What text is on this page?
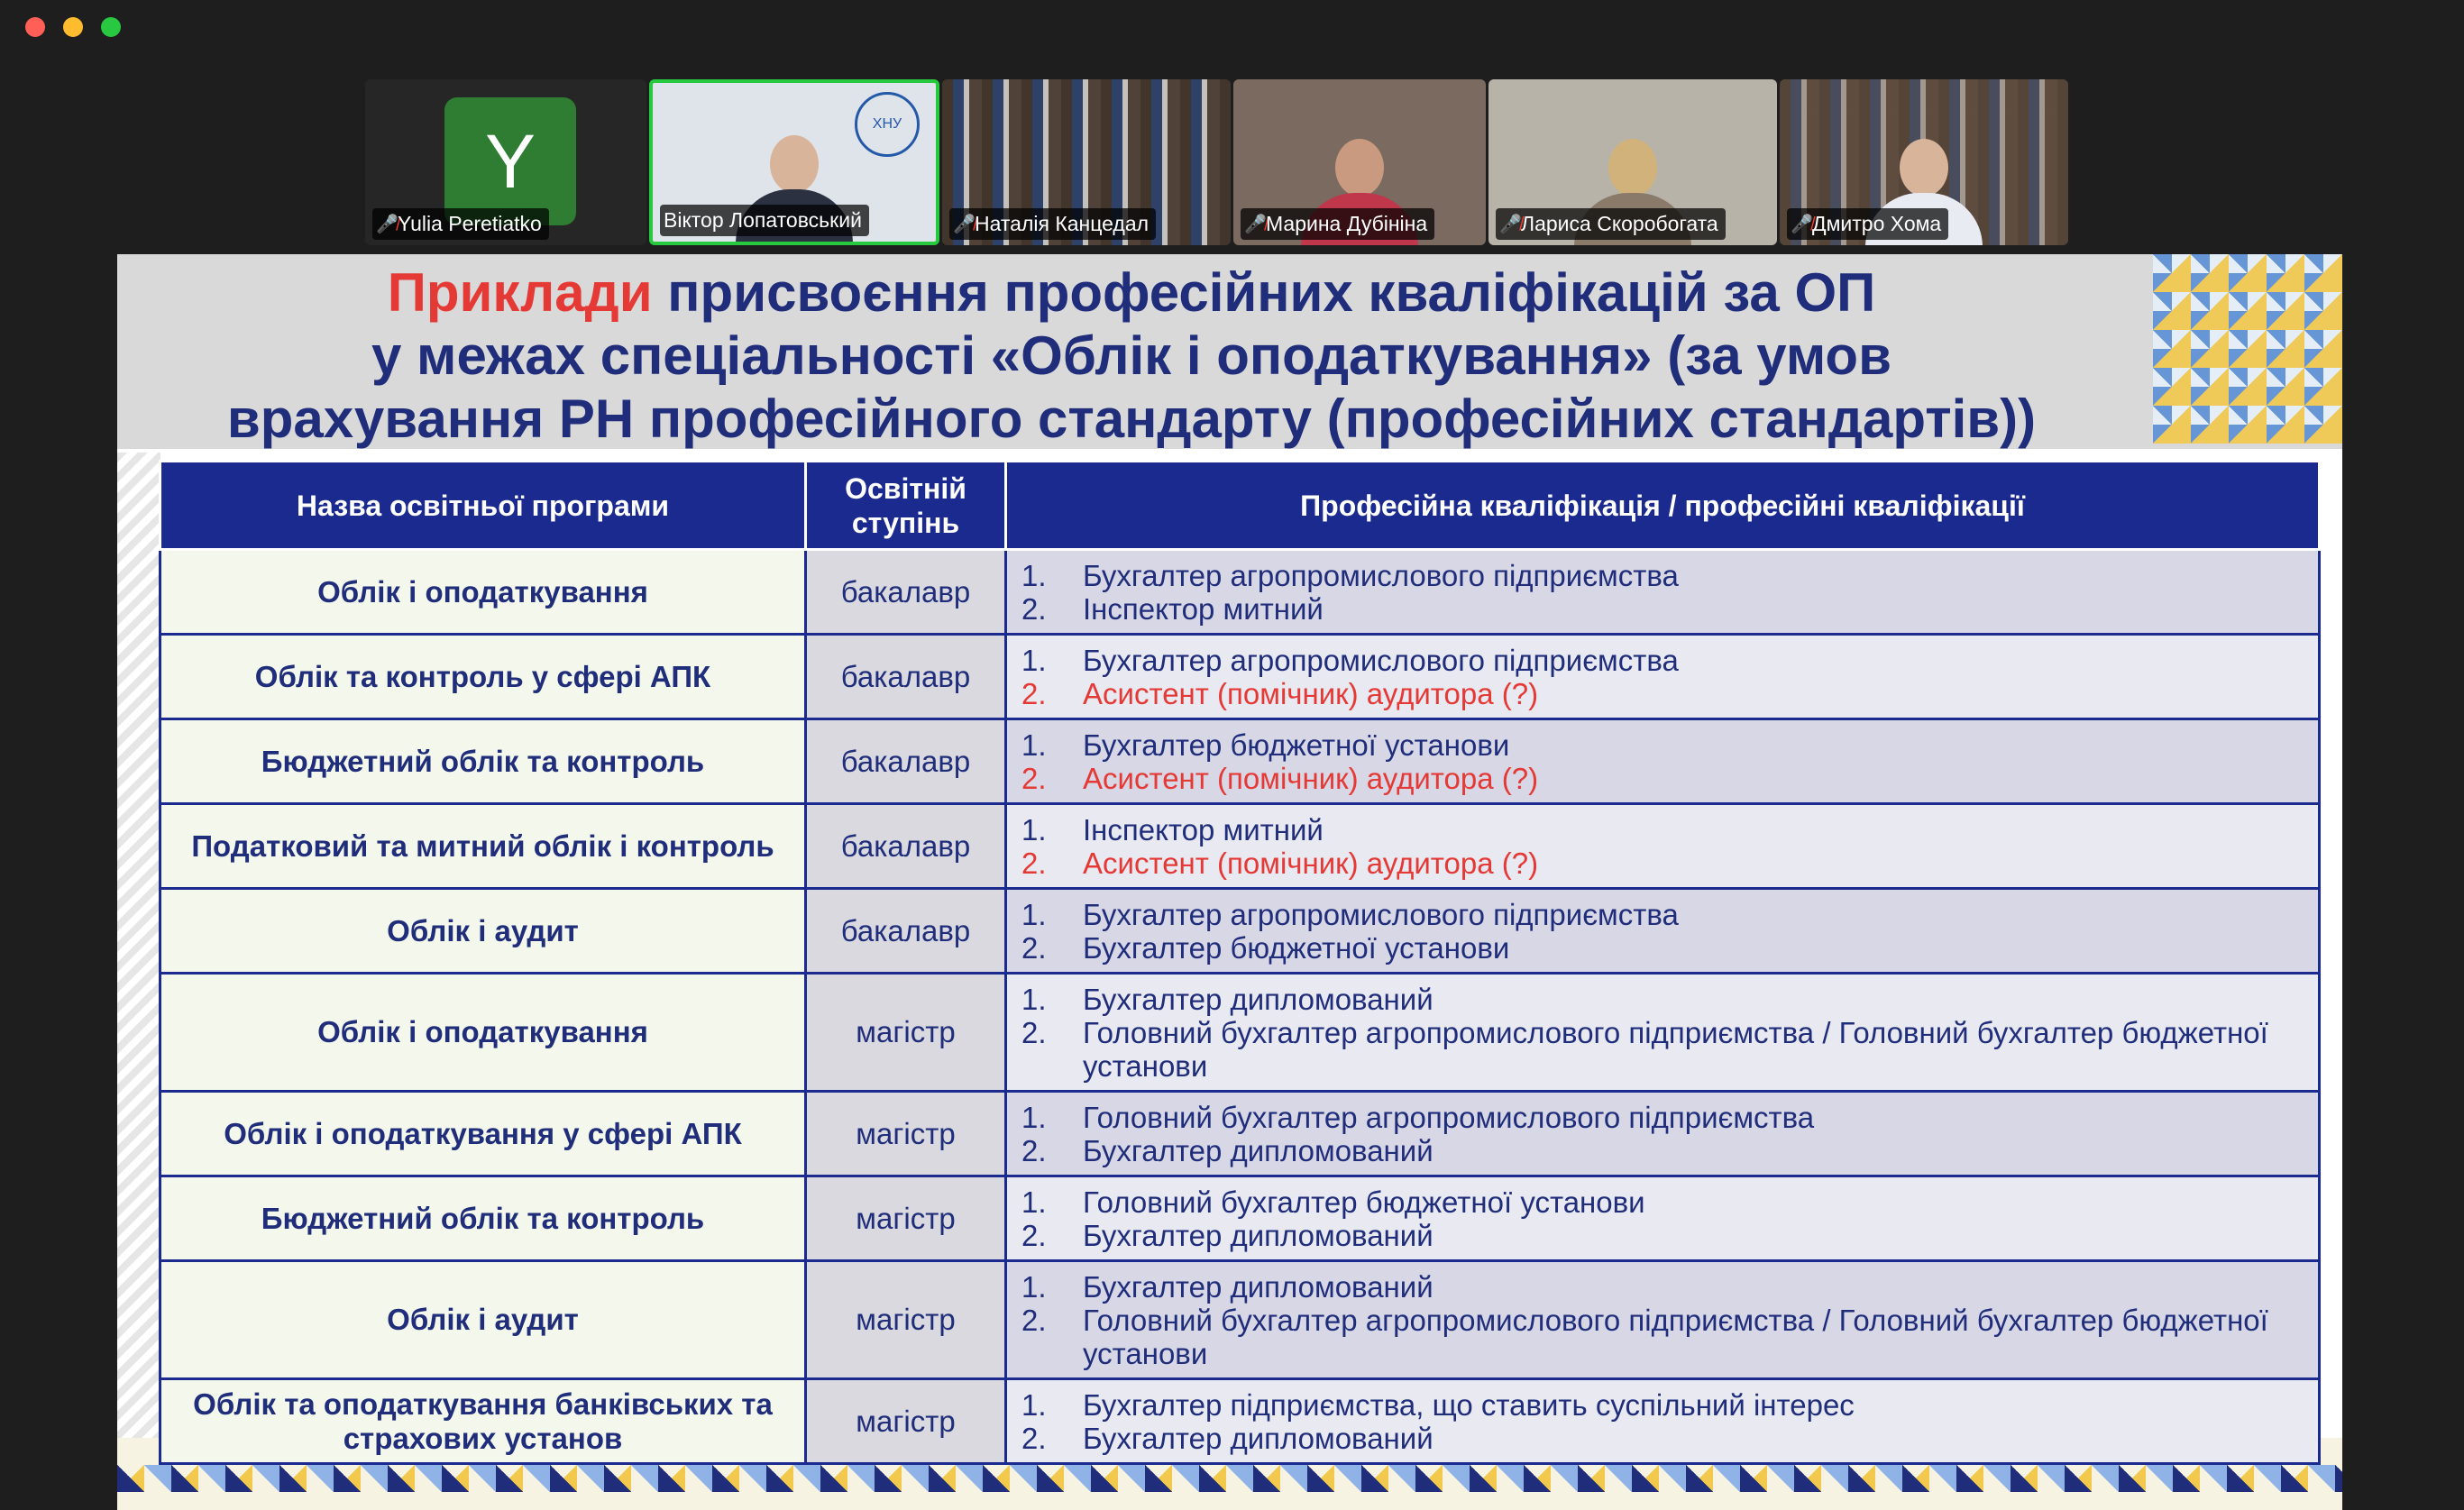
Y
🎤̸ Yulia Peretiatko
ХНУ
Віктор Лопатовський	🎤̸ Наталія Канцедал	🎤̸ Марина Дубініна	🎤̸ Лариса Скоробогата	🎤̸ Дмитро Хома
Приклади присвоєння професійних кваліфікацій за ОП
у межах спеціальності «Облік і оподаткування» (за умов
врахування РН професійного стандарту (професійних стандартів))
Назва освітньої програми	Освітній ступінь	Професійна кваліфікація / професійні кваліфікації
Облік і оподаткування	бакалавр	1. Бухгалтер агропромислового підприємства
2. Інспектор митний

Облік та контроль у сфері АПК	бакалавр	1. Бухгалтер агропромислового підприємства
2. Асистент (помічник) аудитора (?)

Бюджетний облік та контроль	бакалавр	1. Бухгалтер бюджетної установи
2. Асистент (помічник) аудитора (?)

Податковий та митний облік і контроль	бакалавр	1. Інспектор митний
2. Асистент (помічник) аудитора (?)

Облік і аудит	бакалавр	1. Бухгалтер агропромислового підприємства
2. Бухгалтер бюджетної установи

Облік і оподаткування	магістр	1. Бухгалтер дипломований
2. Головний бухгалтер агропромислового підприємства / Головний бухгалтер бюджетної установи

Облік і оподаткування у сфері АПК	магістр	1. Головний бухгалтер агропромислового підприємства
2. Бухгалтер дипломований

Бюджетний облік та контроль	магістр	1. Головний бухгалтер бюджетної установи
2. Бухгалтер дипломований

Облік і аудит	магістр	1. Бухгалтер дипломований
2. Головний бухгалтер агропромислового підприємства / Головний бухгалтер бюджетної установи

Облік та оподаткування банківських та страхових установ	магістр	1. Бухгалтер підприємства, що ставить суспільний інтерес
2. Бухгалтер дипломований
